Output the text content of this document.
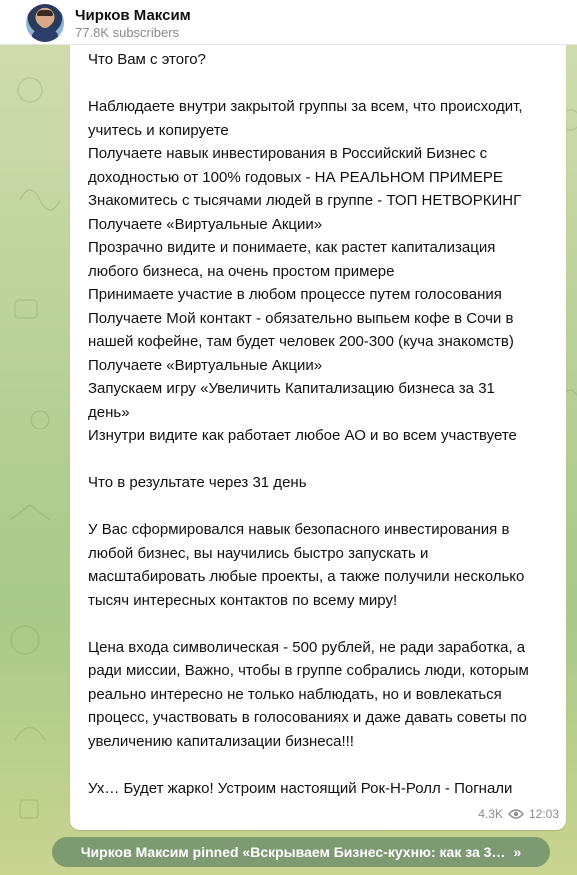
Что Вам с этого?

Наблюдаете внутри закрытой группы за всем, что происходит,
учитесь и копируете
Получаете навык инвестирования в Российский Бизнес с
доходностью от 100% годовых - НА РЕАЛЬНОМ ПРИМЕРЕ
Знакомитесь с тысячами людей в группе - ТОП НЕТВОРКИНГ
Получаете «Виртуальные Акции»
Прозрачно видите и понимаете, как растет капитализация
любого бизнеса, на очень простом примере
Принимаете участие в любом процессе путем голосования
Получаете Мой контакт - обязательно выпьем кофе в Сочи в
нашей кофейне, там будет человек 200-300 (куча знакомств)
Получаете «Виртуальные Акции»
Запускаем игру «Увеличить Капитализацию бизнеса за 31
день»
Изнутри видите как работает любое АО и во всем участвуете

Что в результате через 31 день

У Вас сформировался навык безопасного инвестирования в
любой бизнес, вы научились быстро запускать и
масштабировать любые проекты, а также получили несколько
тысяч интересных контактов по всему миру!

Цена входа символическая - 500 рублей, не ради заработка, а
ради миссии, Важно, чтобы в группе собрались люди, которым
реально интересно не только наблюдать, но и вовлекаться
процесс, участвовать в голосованиях и даже давать советы по
увеличению капитализации бизнеса!!!

Ух… Будет жарко! Устроим настоящий Рок-Н-Ролл - Погнали

4.3K 12:03
Чирков Максим
77.8K subscribers
Чирков Максим pinned «Вскрываем Бизнес-кухню: как за 3… »
